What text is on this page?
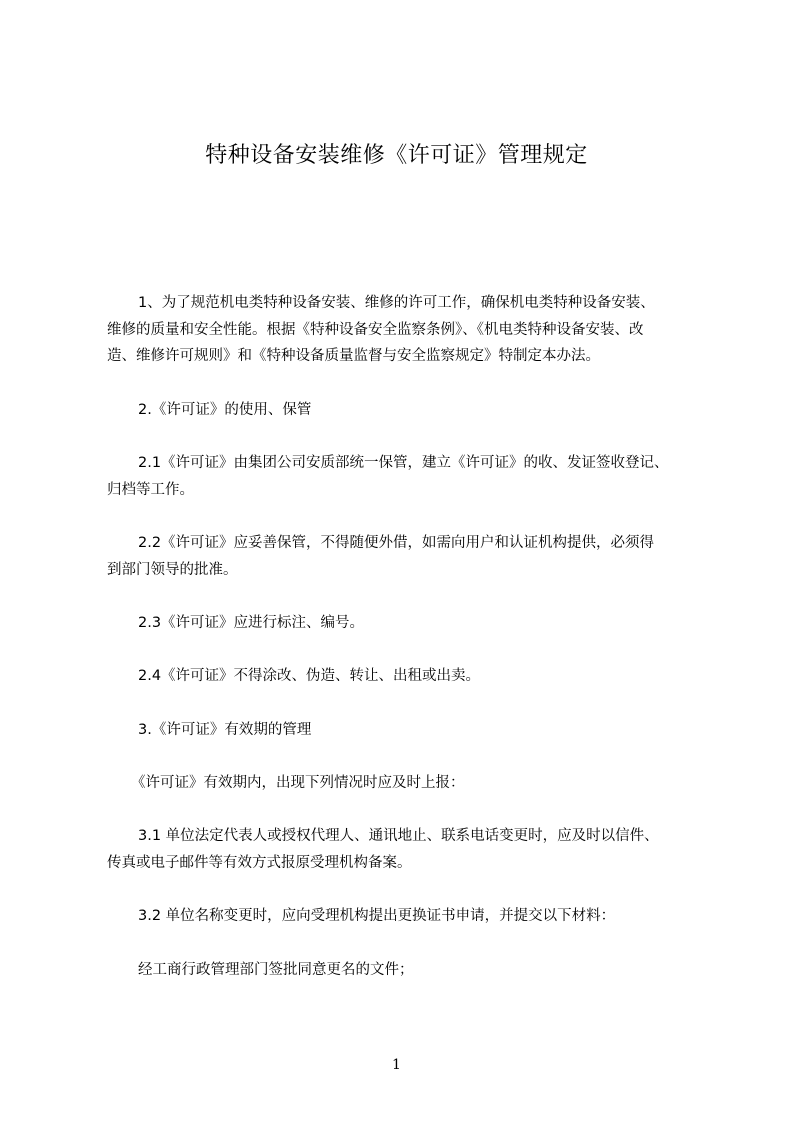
特种设备安装维修《许可证》管理规定
1、为了规范机电类特种设备安装、维修的许可工作，确保机电类特种设备安装、
维修的质量和安全性能。根据《特种设备安全监察条例》、《机电类特种设备安装、改
造、维修许可规则》和《特种设备质量监督与安全监察规定》特制定本办法。
2.《许可证》的使用、保管
2.1《许可证》由集团公司安质部统一保管，建立《许可证》的收、发证签收登记、
归档等工作。
2.2《许可证》应妥善保管，不得随便外借，如需向用户和认证机构提供，必须得
到部门领导的批准。
2.3《许可证》应进行标注、编号。
2.4《许可证》不得涂改、伪造、转让、出租或出卖。
3.《许可证》有效期的管理
《许可证》有效期内，出现下列情况时应及时上报：
3.1 单位法定代表人或授权代理人、通讯地止、联系电话变更时，应及时以信件、
传真或电子邮件等有效方式报原受理机构备案。
3.2 单位名称变更时，应向受理机构提出更换证书申请，并提交以下材料：
经工商行政管理部门签批同意更名的文件；
1
